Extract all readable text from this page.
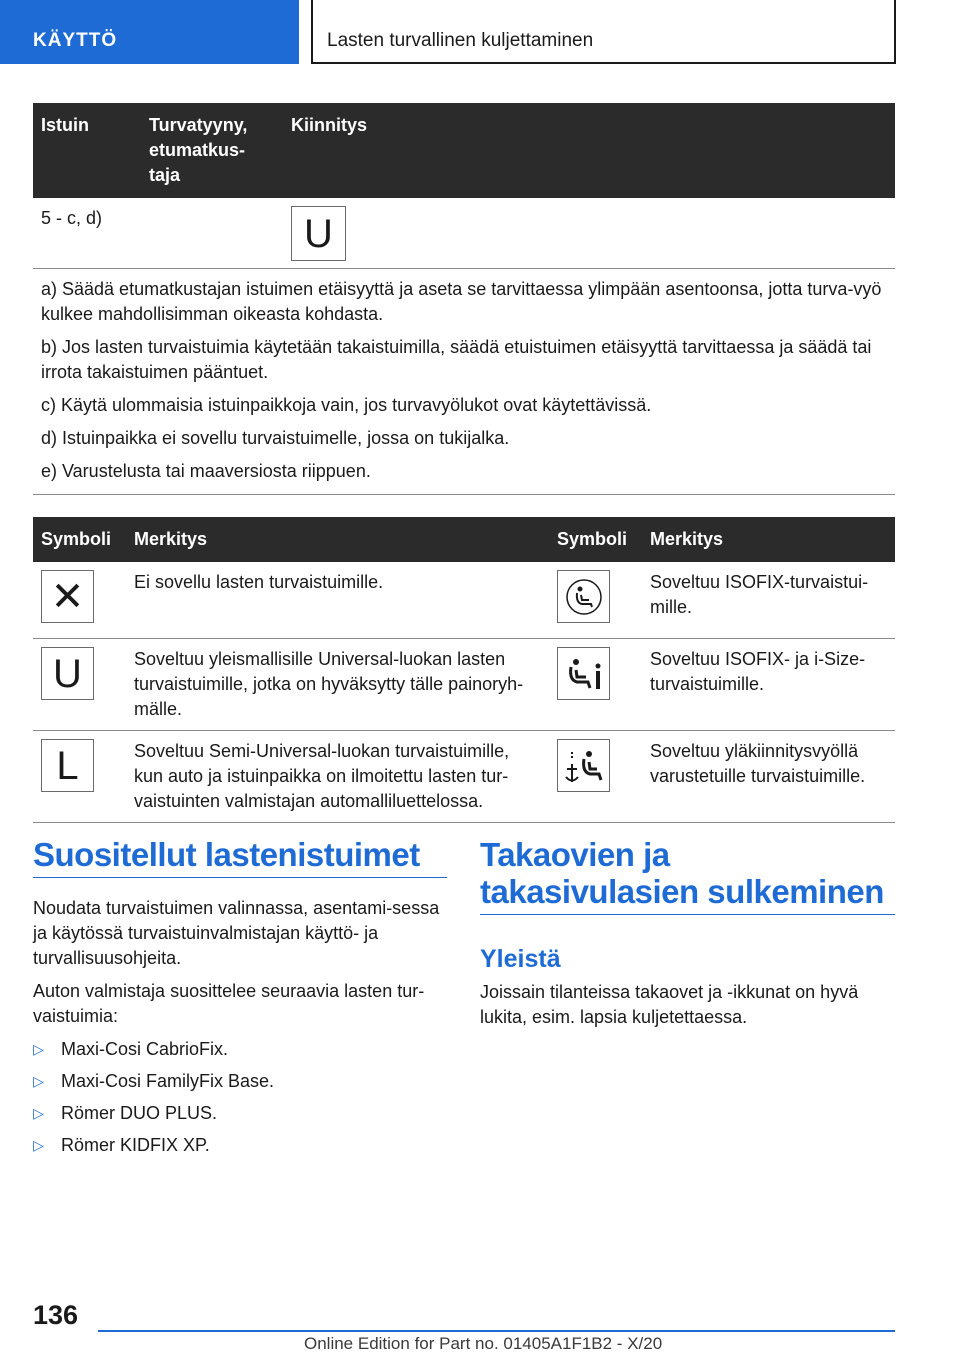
KÄYTTÖ	Lasten turvallinen kuljettaminen
Istuin	Turvatyyny, etumatkus-taja	Kiinnitys
5 - c, d)		U

a) Säädä etumatkustajan istuimen etäisyyttä ja aseta se tarvittaessa ylimpään asentoonsa, jotta turva-vyö kulkee mahdollisimman oikeasta kohdasta.

b) Jos lasten turvaistuimia käytetään takaistuimilla, säädä etuistuimen etäisyyttä tarvittaessa ja säädä tai irrota takaistuimen pääntuet.

c) Käytä ulommaisia istuinpaikkoja vain, jos turvavyölukot ovat käytettävissä.

d) Istuinpaikka ei sovellu turvaistuimelle, jossa on tukijalka.

e) Varustelusta tai maaversiosta riippuen.

Symboli	Merkitys	Symboli	Merkitys

✕	Ei sovellu lasten turvaistuimille.		Soveltuu ISOFIX-turvaistui-mille.

U	Soveltuu yleismallisille Universal-luokan lasten turvaistuimille, jotka on hyväksytty tälle painoryh-mälle.		Soveltuu ISOFIX- ja i-Size-turvaistuimille.

L	Soveltuu Semi-Universal-luokan turvaistuimille, kun auto ja istuinpaikka on ilmoitettu lasten tur-vaistuinten valmistajan automalliluettelossa.		Soveltuu yläkiinnitysvyöllä varustetuille turvaistuimille.
Suositellut lastenistuimet

Noudata turvaistuimen valinnassa, asentami-sessa ja käytössä turvaistuinvalmistajan käyttö- ja turvallisuusohjeita.

Auton valmistaja suosittelee seuraavia lasten tur-vaistuimia:

▷ Maxi-Cosi CabrioFix.
▷ Maxi-Cosi FamilyFix Base.
▷ Römer DUO PLUS.
▷ Römer KIDFIX XP.
Takaovien ja takasivulasien sulkeminen
Yleistä

Joissain tilanteissa takaovet ja -ikkunat on hyvä lukita, esim. lapsia kuljetettaessa.

136
Online Edition for Part no. 01405A1F1B2 - X/20
